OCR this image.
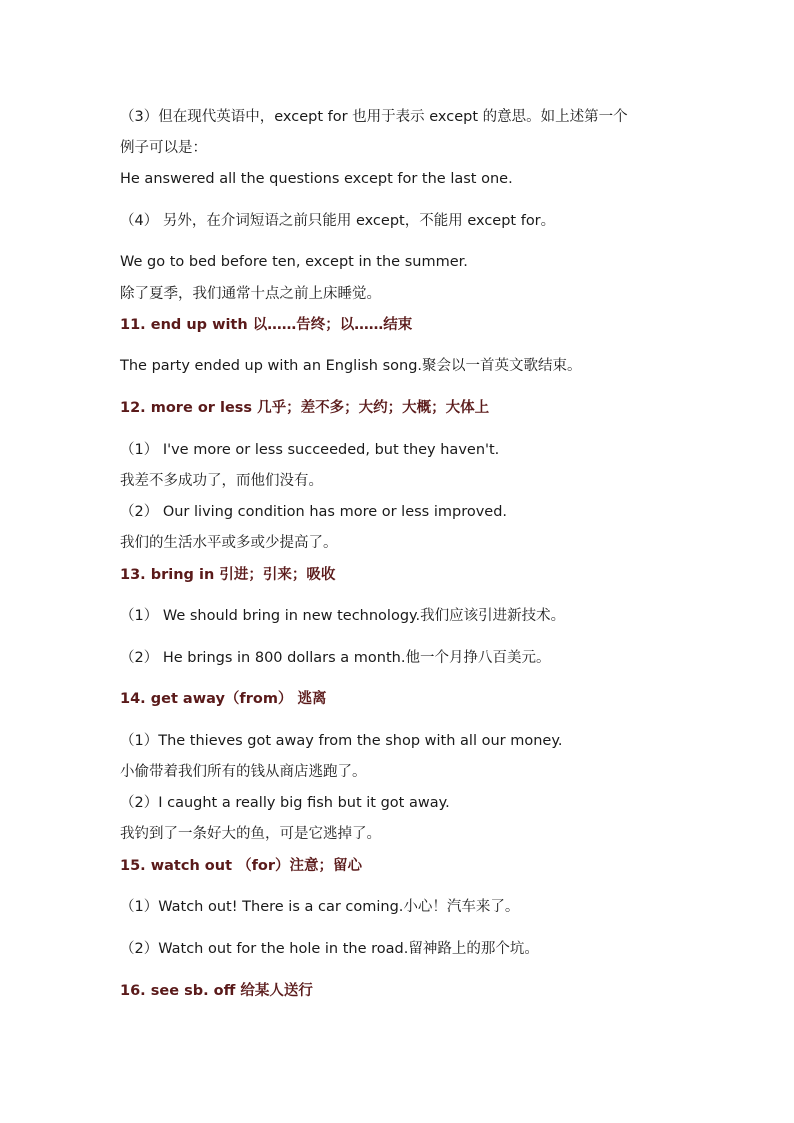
（3）但在现代英语中，except for 也用于表示 except 的意思。如上述第一个
例子可以是：
He answered all the questions except for the last one.
（4） 另外，在介词短语之前只能用 except，不能用 except for。
We go to bed before ten, except in the summer.
除了夏季，我们通常十点之前上床睡觉。
11. end up with 以……告终；以……结束
The party ended up with an English song.聚会以一首英文歌结束。
12. more or less 几乎；差不多；大约；大概；大体上
（1） I've more or less succeeded, but they haven't.
我差不多成功了，而他们没有。
（2） Our living condition has more or less improved.
我们的生活水平或多或少提高了。
13. bring in 引进；引来；吸收
（1） We should bring in new technology.我们应该引进新技术。
（2） He brings in 800 dollars a month.他一个月挣八百美元。
14. get away（from） 逃离
（1）The thieves got away from the shop with all our money.
小偷带着我们所有的钱从商店逃跑了。
（2）I caught a really big fish but it got away.
我钓到了一条好大的鱼，可是它逃掉了。
15. watch out （for）注意；留心
（1）Watch out! There is a car coming.小心！汽车来了。
（2）Watch out for the hole in the road.留神路上的那个坑。
16. see sb. off 给某人送行
